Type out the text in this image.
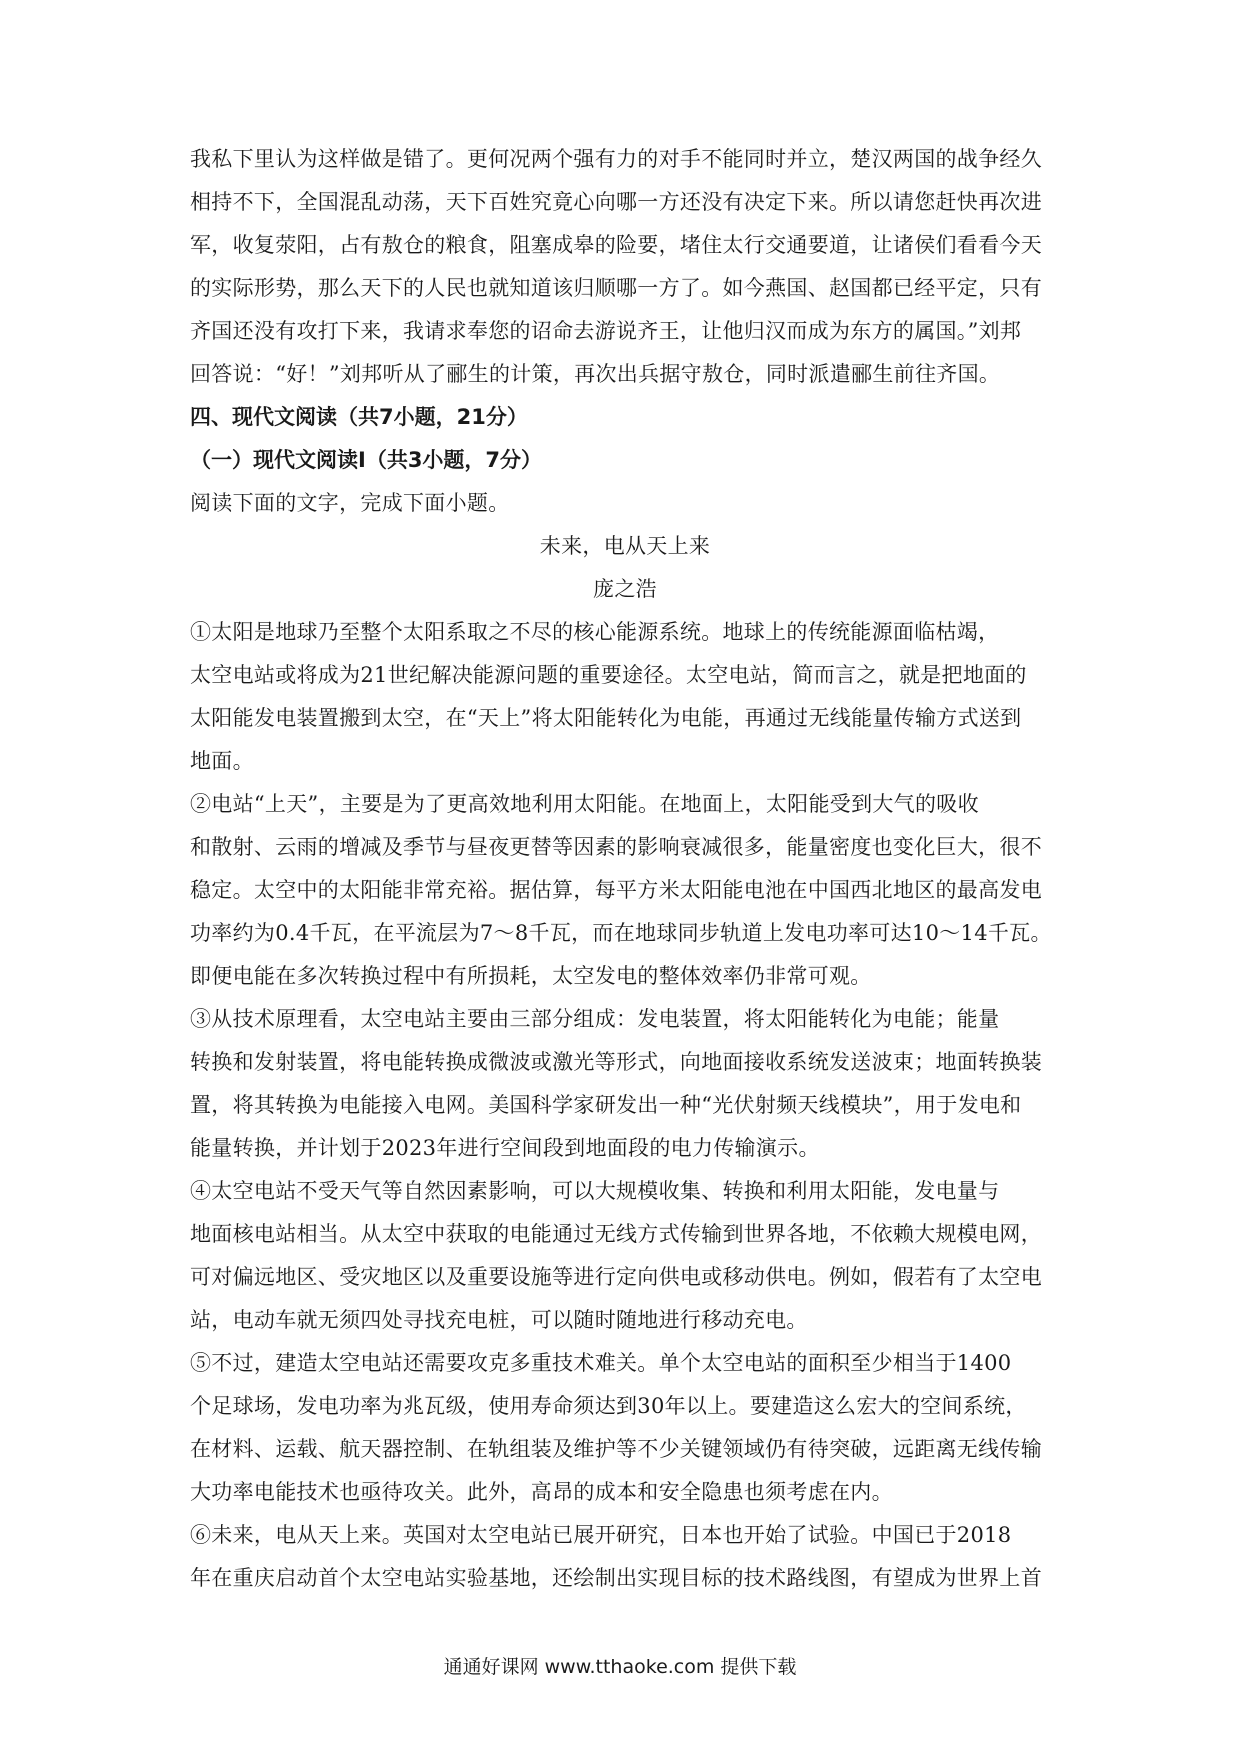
我私下里认为这样做是错了。更何况两个强有力的对手不能同时并立，楚汉两国的战争经久
相持不下，全国混乱动荡，天下百姓究竟心向哪一方还没有决定下来。所以请您赶快再次进
军，收复荥阳，占有敖仓的粮食，阻塞成皋的险要，堵住太行交通要道，让诸侯们看看今天
的实际形势，那么天下的人民也就知道该归顺哪一方了。如今燕国、赵国都已经平定，只有
齐国还没有攻打下来，我请求奉您的诏命去游说齐王，让他归汉而成为东方的属国。”刘邦
回答说：“好！”刘邦听从了郦生的计策，再次出兵据守敖仓，同时派遣郦生前往齐国。
四、现代文阅读（共7小题，21分）
（一）现代文阅读Ⅰ（共3小题，7分）
阅读下面的文字，完成下面小题。
未来，电从天上来
庞之浩
①太阳是地球乃至整个太阳系取之不尽的核心能源系统。地球上的传统能源面临枯竭，
太空电站或将成为21世纪解决能源问题的重要途径。太空电站，简而言之，就是把地面的
太阳能发电装置搬到太空，在“天上”将太阳能转化为电能，再通过无线能量传输方式送到
地面。
②电站“上天”，主要是为了更高效地利用太阳能。在地面上，太阳能受到大气的吸收
和散射、云雨的增减及季节与昼夜更替等因素的影响衰减很多，能量密度也变化巨大，很不
稳定。太空中的太阳能非常充裕。据估算，每平方米太阳能电池在中国西北地区的最高发电
功率约为0.4千瓦，在平流层为7～8千瓦，而在地球同步轨道上发电功率可达10～14千瓦。
即便电能在多次转换过程中有所损耗，太空发电的整体效率仍非常可观。
③从技术原理看，太空电站主要由三部分组成：发电装置，将太阳能转化为电能；能量
转换和发射装置，将电能转换成微波或激光等形式，向地面接收系统发送波束；地面转换装
置，将其转换为电能接入电网。美国科学家研发出一种“光伏射频天线模块”，用于发电和
能量转换，并计划于2023年进行空间段到地面段的电力传输演示。
④太空电站不受天气等自然因素影响，可以大规模收集、转换和利用太阳能，发电量与
地面核电站相当。从太空中获取的电能通过无线方式传输到世界各地，不依赖大规模电网，
可对偏远地区、受灾地区以及重要设施等进行定向供电或移动供电。例如，假若有了太空电
站，电动车就无须四处寻找充电桩，可以随时随地进行移动充电。
⑤不过，建造太空电站还需要攻克多重技术难关。单个太空电站的面积至少相当于1400
个足球场，发电功率为兆瓦级，使用寿命须达到30年以上。要建造这么宏大的空间系统，
在材料、运载、航天器控制、在轨组装及维护等不少关键领域仍有待突破，远距离无线传输
大功率电能技术也亟待攻关。此外，高昂的成本和安全隐患也须考虑在内。
⑥未来，电从天上来。英国对太空电站已展开研究，日本也开始了试验。中国已于2018
年在重庆启动首个太空电站实验基地，还绘制出实现目标的技术路线图，有望成为世界上首
通通好课网 www.tthaoke.com 提供下载
